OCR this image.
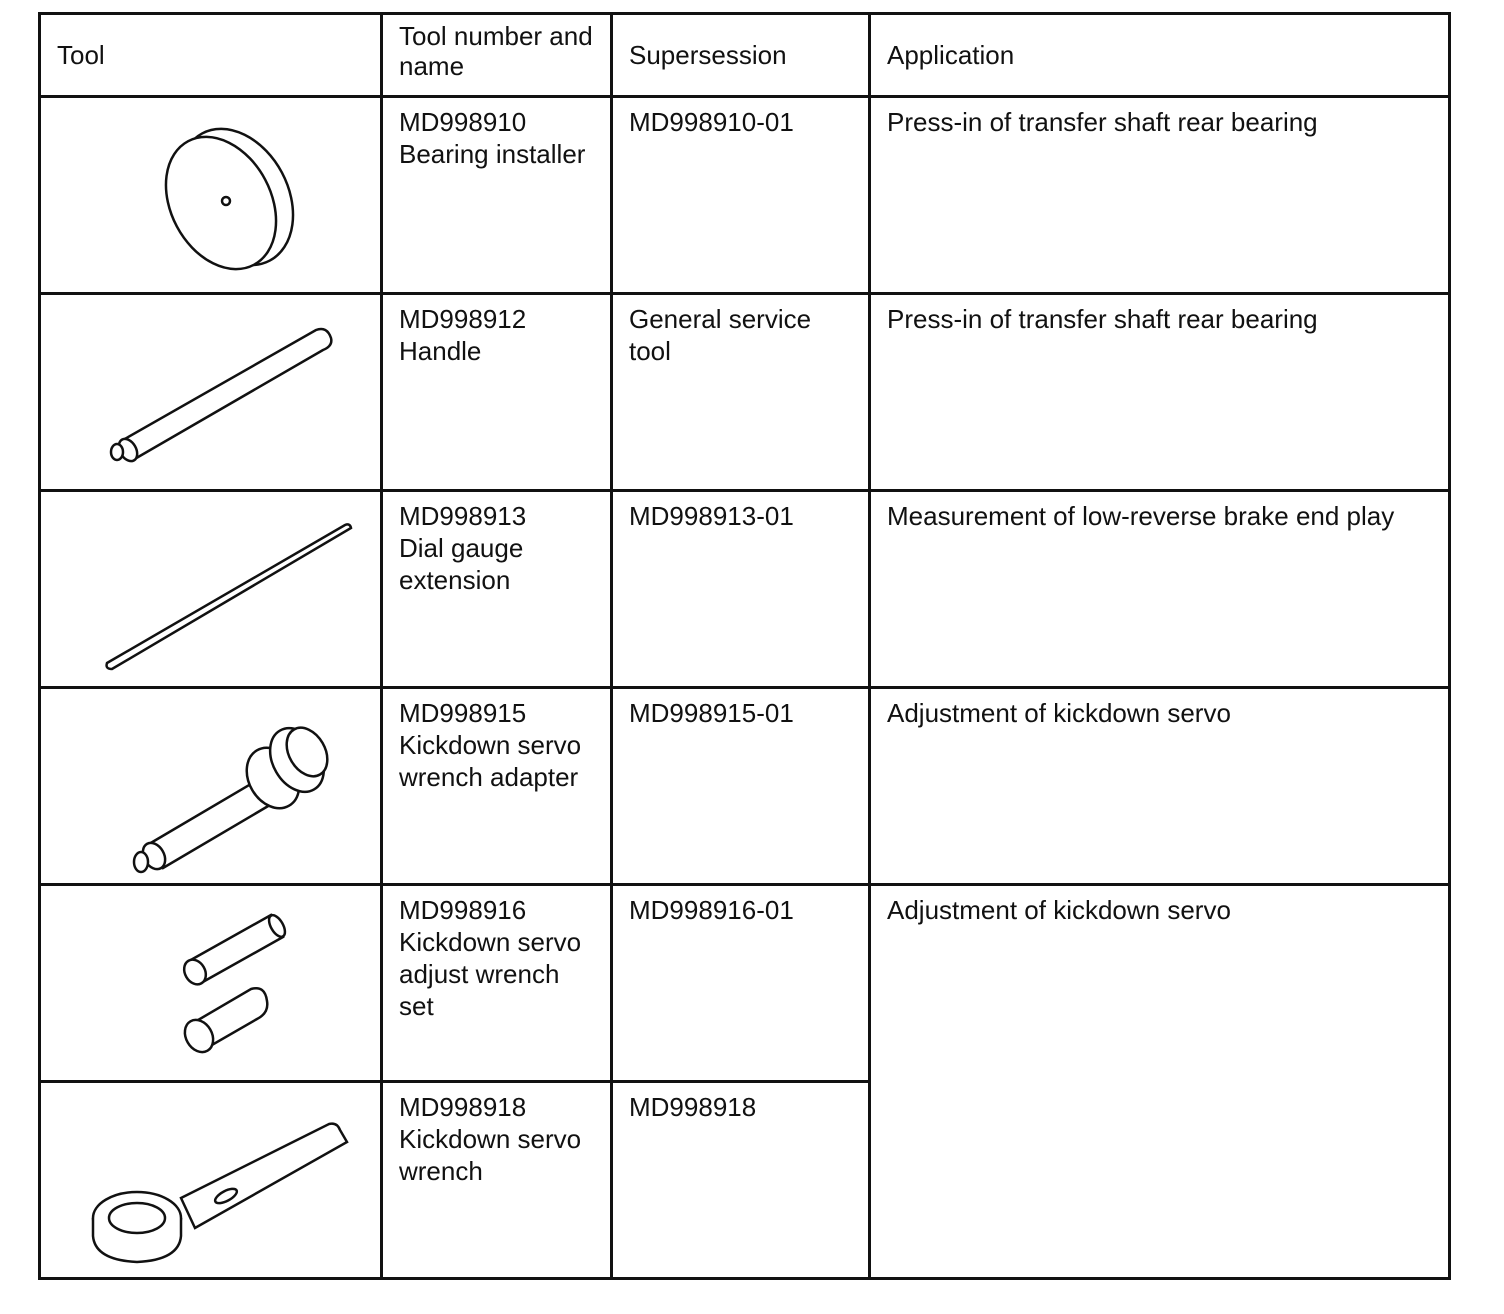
Tool	Tool number and name	Supersession	Application

MD998910
Bearing installer	MD998910-01	Press-in of transfer shaft rear bearing

MD998912
Handle	General service tool	Press-in of transfer shaft rear bearing

MD998913
Dial gauge
extension	MD998913-01	Measurement of low-reverse brake end play

MD998915
Kickdown servo
wrench adapter	MD998915-01	Adjustment of kickdown servo

MD998916
Kickdown servo
adjust wrench
set	MD998916-01	Adjustment of kickdown servo

MD998918
Kickdown servo
wrench	MD998918	
